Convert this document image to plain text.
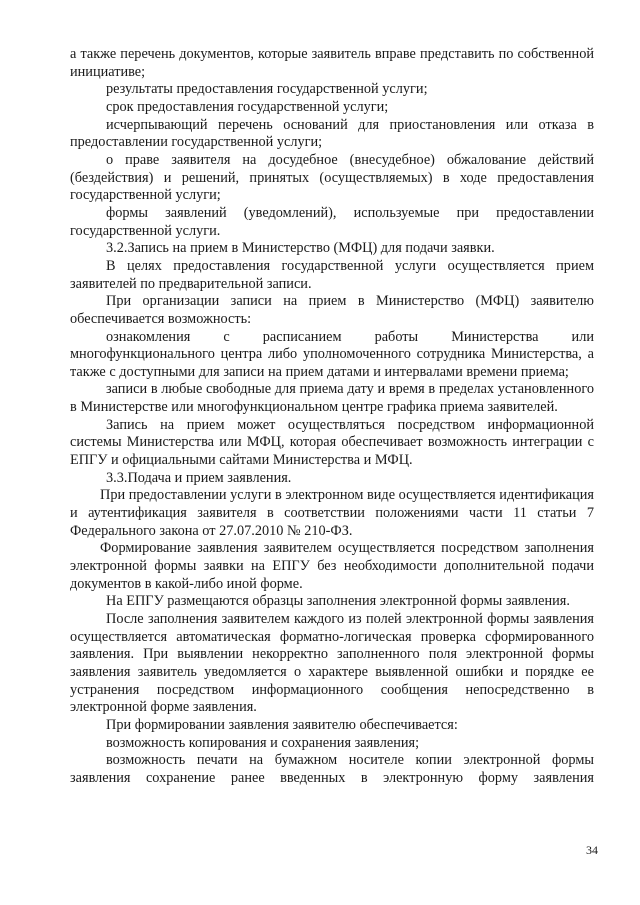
а также перечень документов, которые заявитель вправе представить по собственной инициативе;

результаты предоставления государственной услуги;

срок предоставления государственной услуги;

исчерпывающий перечень оснований для приостановления или отказа в предоставлении государственной услуги;

о праве заявителя на досудебное (внесудебное) обжалование действий (бездействия) и решений, принятых (осуществляемых) в ходе предоставления государственной услуги;

формы заявлений (уведомлений), используемые при предоставлении государственной услуги.

3.2.Запись на прием в Министерство (МФЦ) для подачи заявки.

В целях предоставления государственной услуги осуществляется прием заявителей по предварительной записи.

При организации записи на прием в Министерство (МФЦ) заявителю обеспечивается возможность:

ознакомления с расписанием работы Министерства или многофункционального центра либо уполномоченного сотрудника Министерства, а также с доступными для записи на прием датами и интервалами времени приема;

записи в любые свободные для приема дату и время в пределах установленного в Министерстве или многофункциональном центре графика приема заявителей.

Запись на прием может осуществляться посредством информационной системы Министерства или МФЦ, которая обеспечивает возможность интеграции с ЕПГУ и официальными сайтами Министерства и МФЦ.

3.3.Подача и прием заявления.

При предоставлении услуги в электронном виде осуществляется идентификация и аутентификация заявителя в соответствии положениями части 11 статьи 7 Федерального закона от 27.07.2010 № 210-ФЗ.

Формирование заявления заявителем осуществляется посредством заполнения электронной формы заявки на ЕПГУ без необходимости дополнительной подачи документов в какой-либо иной форме.

На ЕПГУ размещаются образцы заполнения электронной формы заявления.

После заполнения заявителем каждого из полей электронной формы заявления осуществляется автоматическая форматно-логическая проверка сформированного заявления. При выявлении некорректно заполненного поля электронной формы заявления заявитель уведомляется о характере выявленной ошибки и порядке ее устранения посредством информационного сообщения непосредственно в электронной форме заявления.

При формировании заявления заявителю обеспечивается:

возможность копирования и сохранения заявления;

возможность печати на бумажном носителе копии электронной формы заявления сохранение ранее введенных в электронную форму заявления

34
